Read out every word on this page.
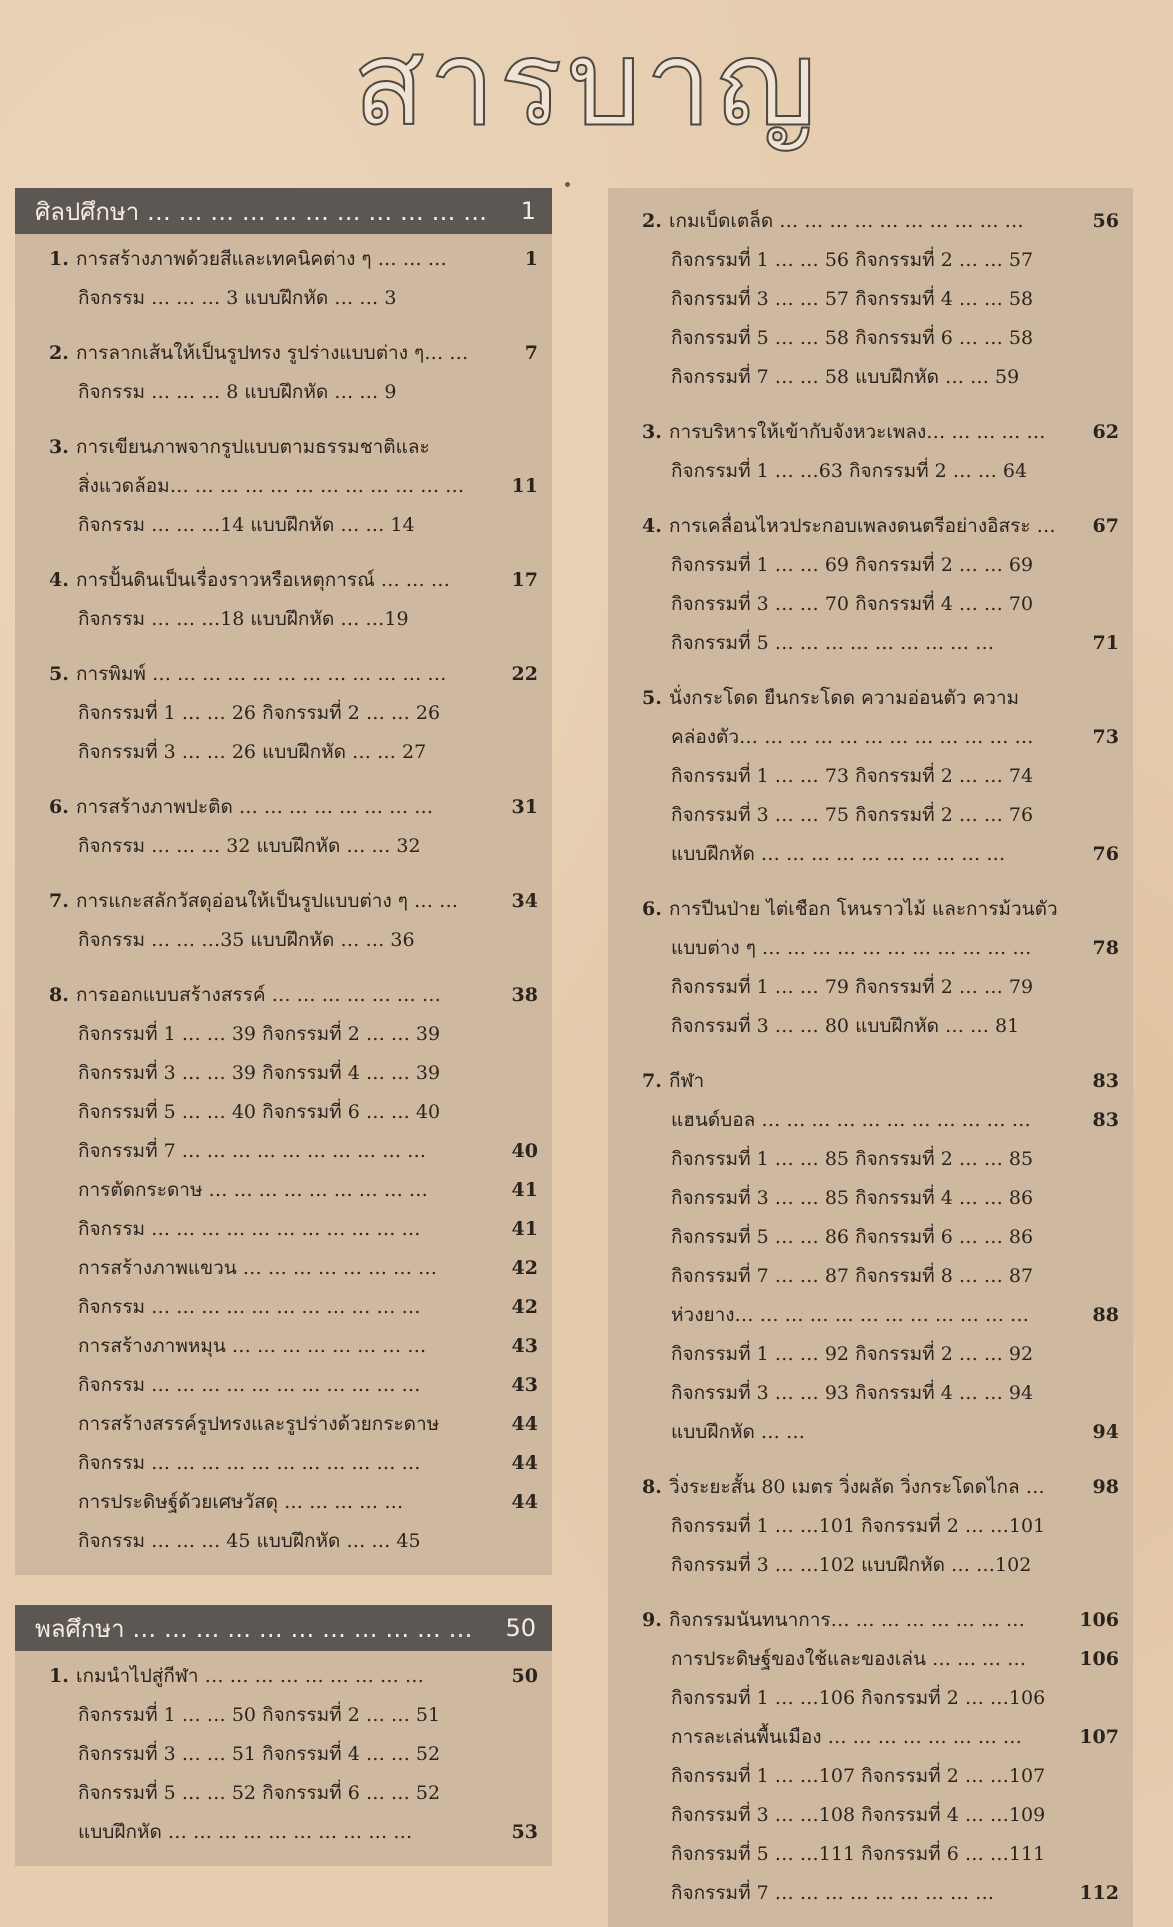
สารบาญ
ศิลปศึกษา … … … … … … … … … … … 1
1. การสร้างภาพด้วยสีและเทคนิคต่าง ๆ … … …	1
กิจกรรม … … … 3 แบบฝึกหัด … … 3
2. การลากเส้นให้เป็นรูปทรง รูปร่างแบบต่าง ๆ… …	7
กิจกรรม … … … 8 แบบฝึกหัด … … 9
3. การเขียนภาพจากรูปแบบตามธรรมชาติและ
สิ่งแวดล้อม… … … … … … … … … … … …	11
กิจกรรม … … …14 แบบฝึกหัด … … 14
4. การปั้นดินเป็นเรื่องราวหรือเหตุการณ์ … … …	17
กิจกรรม … … …18 แบบฝึกหัด … …19
5. การพิมพ์ … … … … … … … … … … … …	22
กิจกรรมที่ 1 … … 26 กิจกรรมที่ 2 … … 26
กิจกรรมที่ 3 … … 26 แบบฝึกหัด … … 27
6. การสร้างภาพปะติด … … … … … … … …	31
กิจกรรม … … … 32 แบบฝึกหัด … … 32
7. การแกะสลักวัสดุอ่อนให้เป็นรูปแบบต่าง ๆ … …	34
กิจกรรม … … …35 แบบฝึกหัด … … 36
8. การออกแบบสร้างสรรค์ … … … … … … …	38
กิจกรรมที่ 1 … … 39 กิจกรรมที่ 2 … … 39
กิจกรรมที่ 3 … … 39 กิจกรรมที่ 4 … … 39
กิจกรรมที่ 5 … … 40 กิจกรรมที่ 6 … … 40
กิจกรรมที่ 7 … … … … … … … … … …	40
การตัดกระดาษ … … … … … … … … …	41
กิจกรรม … … … … … … … … … … …	41
การสร้างภาพแขวน … … … … … … … …	42
กิจกรรม … … … … … … … … … … …	42
การสร้างภาพหมุน … … … … … … … …	43
กิจกรรม … … … … … … … … … … …	43
การสร้างสรรค์รูปทรงและรูปร่างด้วยกระดาษ	44
กิจกรรม … … … … … … … … … … …	44
การประดิษฐ์ด้วยเศษวัสดุ … … … … …	44
กิจกรรม … … … 45 แบบฝึกหัด … … 45
พลศึกษา … … … … … … … … … … … 50
1. เกมนำไปสู่กีฬา … … … … … … … … …	50
กิจกรรมที่ 1 … … 50 กิจกรรมที่ 2 … … 51
กิจกรรมที่ 3 … … 51 กิจกรรมที่ 4 … … 52
กิจกรรมที่ 5 … … 52 กิจกรรมที่ 6 … … 52
แบบฝึกหัด … … … … … … … … … …	53
2. เกมเบ็ดเตล็ด … … … … … … … … … …	56
กิจกรรมที่ 1 … … 56 กิจกรรมที่ 2 … … 57
กิจกรรมที่ 3 … … 57 กิจกรรมที่ 4 … … 58
กิจกรรมที่ 5 … … 58 กิจกรรมที่ 6 … … 58
กิจกรรมที่ 7 … … 58 แบบฝึกหัด … … 59
3. การบริหารให้เข้ากับจังหวะเพลง… … … … …	62
กิจกรรมที่ 1 … …63 กิจกรรมที่ 2 … … 64
4. การเคลื่อนไหวประกอบเพลงดนตรีอย่างอิสระ …	67
กิจกรรมที่ 1 … … 69 กิจกรรมที่ 2 … … 69
กิจกรรมที่ 3 … … 70 กิจกรรมที่ 4 … … 70
กิจกรรมที่ 5 … … … … … … … … …	71
5. นั่งกระโดด ยืนกระโดด ความอ่อนตัว ความ
คล่องตัว… … … … … … … … … … … …	73
กิจกรรมที่ 1 … … 73 กิจกรรมที่ 2 … … 74
กิจกรรมที่ 3 … … 75 กิจกรรมที่ 2 … … 76
แบบฝึกหัด … … … … … … … … … …	76
6. การปีนป่าย ไต่เชือก โหนราวไม้ และการม้วนตัว
แบบต่าง ๆ … … … … … … … … … … …	78
กิจกรรมที่ 1 … … 79 กิจกรรมที่ 2 … … 79
กิจกรรมที่ 3 … … 80 แบบฝึกหัด … … 81
7. กีฬา	83
แฮนด์บอล … … … … … … … … … … …	83
กิจกรรมที่ 1 … … 85 กิจกรรมที่ 2 … … 85
กิจกรรมที่ 3 … … 85 กิจกรรมที่ 4 … … 86
กิจกรรมที่ 5 … … 86 กิจกรรมที่ 6 … … 86
กิจกรรมที่ 7 … … 87 กิจกรรมที่ 8 … … 87
ห่วงยาง… … … … … … … … … … … …	88
กิจกรรมที่ 1 … … 92 กิจกรรมที่ 2 … … 92
กิจกรรมที่ 3 … … 93 กิจกรรมที่ 4 … … 94
แบบฝึกหัด … …	94
8. วิ่งระยะสั้น 80 เมตร วิ่งผลัด วิ่งกระโดดไกล …	98
กิจกรรมที่ 1 … …101 กิจกรรมที่ 2 … …101
กิจกรรมที่ 3 … …102 แบบฝึกหัด … …102
9. กิจกรรมนันทนาการ… … … … … … … …	106
การประดิษฐ์ของใช้และของเล่น … … … …	106
กิจกรรมที่ 1 … …106 กิจกรรมที่ 2 … …106
การละเล่นพื้นเมือง … … … … … … … …	107
กิจกรรมที่ 1 … …107 กิจกรรมที่ 2 … …107
กิจกรรมที่ 3 … …108 กิจกรรมที่ 4 … …109
กิจกรรมที่ 5 … …111 กิจกรรมที่ 6 … …111
กิจกรรมที่ 7 … … … … … … … … …	112
